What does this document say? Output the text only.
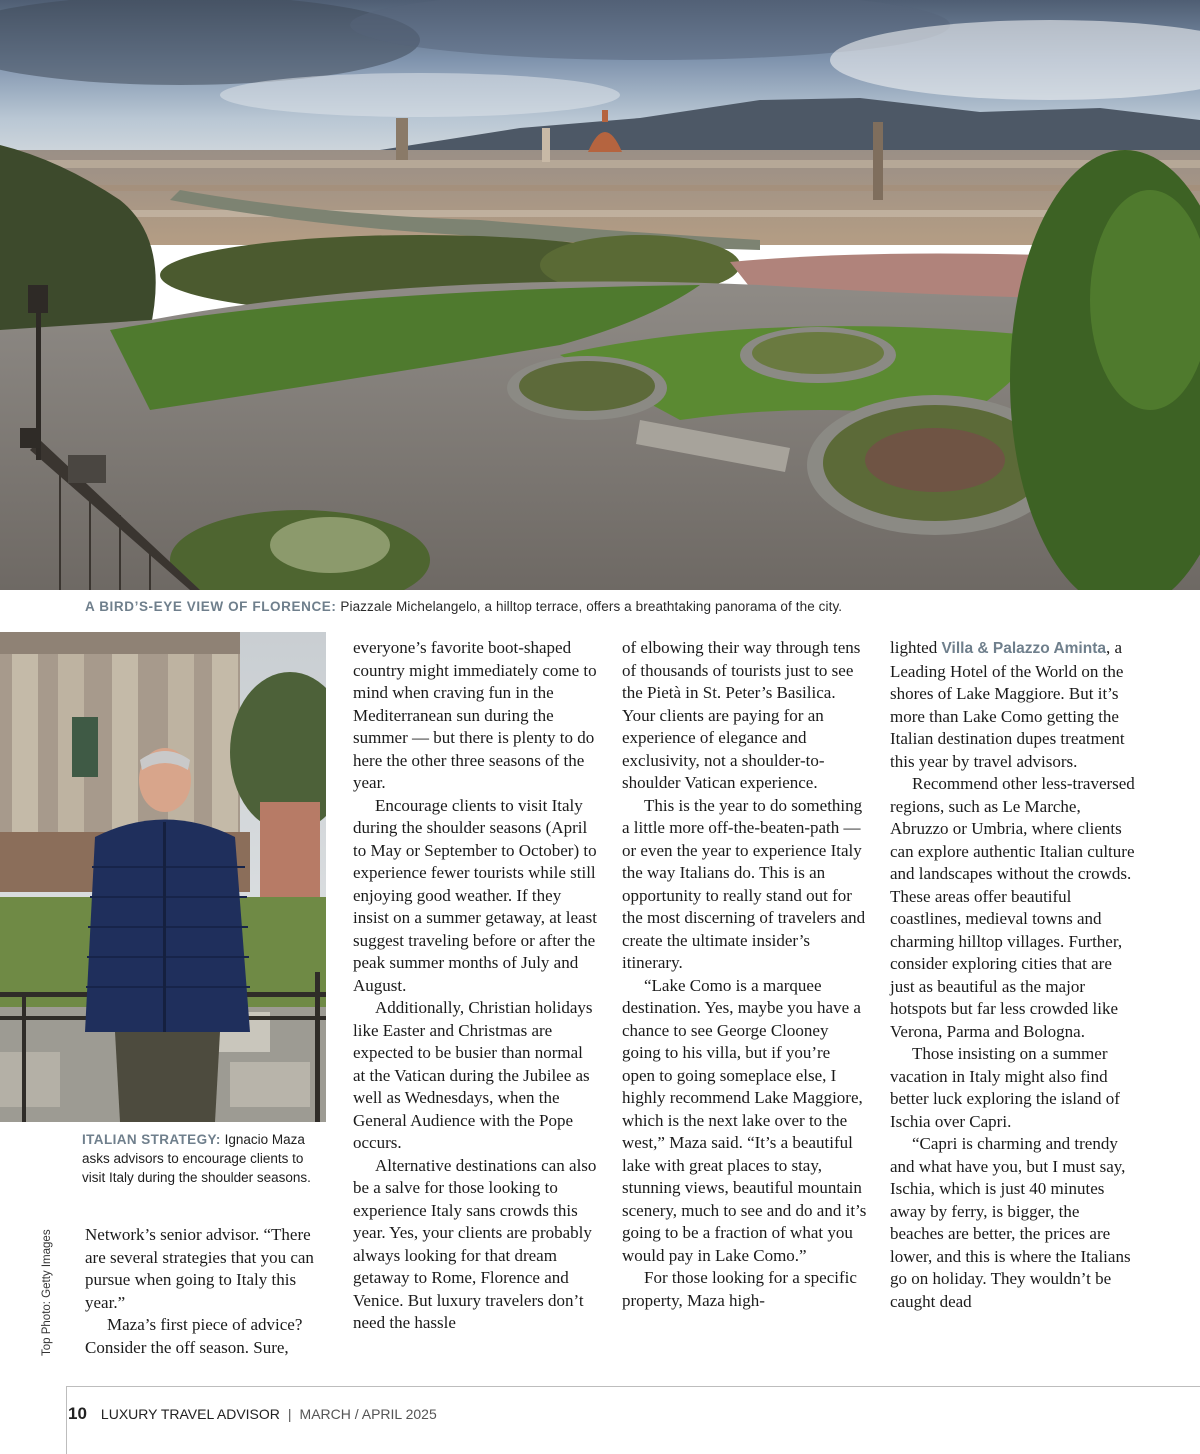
A BIRD’S-EYE VIEW OF FLORENCE: Piazzale Michelangelo, a hilltop terrace, offers a breathtaking panorama of the city.
ITALIAN STRATEGY: Ignacio Maza asks advisors to encourage clients to visit Italy during the shoulder seasons.
Top Photo: Getty Images Network’s senior advisor. “There are several strategies that you can pursue when going to Italy this year.”

Maza’s first piece of advice? Consider the off season. Sure,

everyone’s favorite boot-shaped country might immediately come to mind when craving fun in the Mediterranean sun during the summer — but there is plenty to do here the other three seasons of the year.

Encourage clients to visit Italy during the shoulder seasons (April to May or September to October) to experience fewer tourists while still enjoying good weather. If they insist on a summer getaway, at least suggest traveling before or after the peak summer months of July and August.

Additionally, Christian holidays like Easter and Christmas are expected to be busier than normal at the Vatican during the Jubilee as well as Wednesdays, when the General Audience with the Pope occurs.

Alternative destinations can also be a salve for those looking to experience Italy sans crowds this year. Yes, your clients are probably always looking for that dream getaway to Rome, Florence and Venice. But luxury travelers don’t need the hassle

of elbowing their way through tens of thousands of tourists just to see the Pietà in St. Peter’s Basilica. Your clients are paying for an experience of elegance and exclusivity, not a shoulder-to-shoulder Vatican experience.

This is the year to do something a little more off-the-beaten-path — or even the year to experience Italy the way Italians do. This is an opportunity to really stand out for the most discerning of travelers and create the ultimate insider’s itinerary.

“Lake Como is a marquee destination. Yes, maybe you have a chance to see George Clooney going to his villa, but if you’re open to going someplace else, I highly recommend Lake Maggiore, which is the next lake over to the west,” Maza said. “It’s a beautiful lake with great places to stay, stunning views, beautiful mountain scenery, much to see and do and it’s going to be a fraction of what you would pay in Lake Como.”

For those looking for a specific property, Maza high-

lighted Villa & Palazzo Aminta, a Leading Hotel of the World on the shores of Lake Maggiore. But it’s more than Lake Como getting the Italian destination dupes treatment this year by travel advisors.

Recommend other less-traversed regions, such as Le Marche, Abruzzo or Umbria, where clients can explore authentic Italian culture and landscapes without the crowds. These areas offer beautiful coastlines, medieval towns and charming hilltop villages. Further, consider exploring cities that are just as beautiful as the major hotspots but far less crowded like Verona, Parma and Bologna.

Those insisting on a summer vacation in Italy might also find better luck exploring the island of Ischia over Capri.

“Capri is charming and trendy and what have you, but I must say, Ischia, which is just 40 minutes away by ferry, is bigger, the beaches are better, the prices are lower, and this is where the Italians go on holiday. They wouldn’t be caught dead

10 LUXURY TRAVEL ADVISOR | MARCH / APRIL 2025
